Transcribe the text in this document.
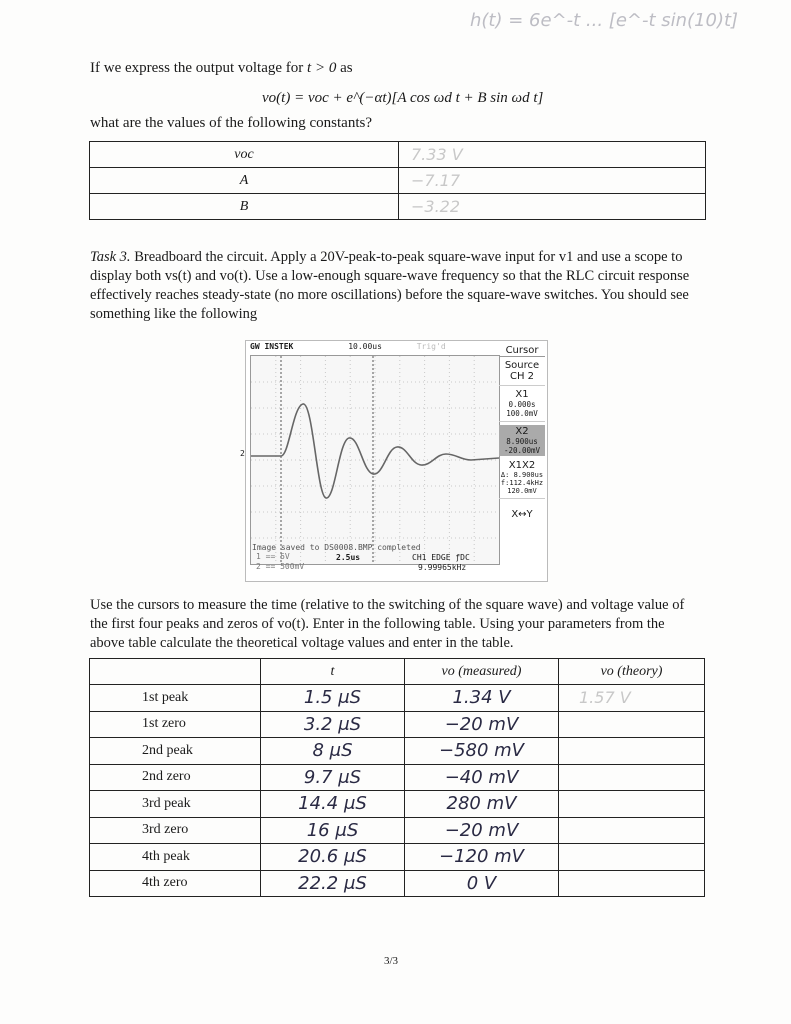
h(t) = 6e^-t ... [e^-t sin(10)t]
If we express the output voltage for t > 0 as
vo(t) = voc + e^(−αt)[A cos ωd t + B sin ωd t]
what are the values of the following constants?
voc	7.33 V
A	−7.17
B	−3.22
Task 3. Breadboard the circuit. Apply a 20V-peak-to-peak square-wave input for v1 and use a scope to display both vs(t) and vo(t). Use a low-enough square-wave frequency so that the RLC circuit response effectively reaches steady-state (no more oscillations) before the square-wave switches. You should see something like the following
GW INSTEK	10.00us	Trig'd
2
Cursor
Source
CH 2
X1
0.000s
100.0mV
X2
8.900us
-20.00mV
X1X2
Δ: 8.900us
f:112.4kHz
120.0mV
X↔Y
Image saved to DS0008.BMP completed
1 == 5V
2 == 500mV
2.5us	CH1 EDGE ƒDC
9.99965kHz
Use the cursors to measure the time (relative to the switching of the square wave) and voltage value of the first four peaks and zeros of vo(t). Enter in the following table. Using your parameters from the above table calculate the theoretical voltage values and enter in the table.
	t	vo (measured)	vo (theory)
1st peak	1.5 μS	1.34 V	1.57 V
1st zero	3.2 μS	−20 mV	
2nd peak	8 μS	−580 mV	
2nd zero	9.7 μS	−40 mV	
3rd peak	14.4 μS	280 mV	
3rd zero	16 μS	−20 mV	
4th peak	20.6 μS	−120 mV	
4th zero	22.2 μS	0 V	
3/3
